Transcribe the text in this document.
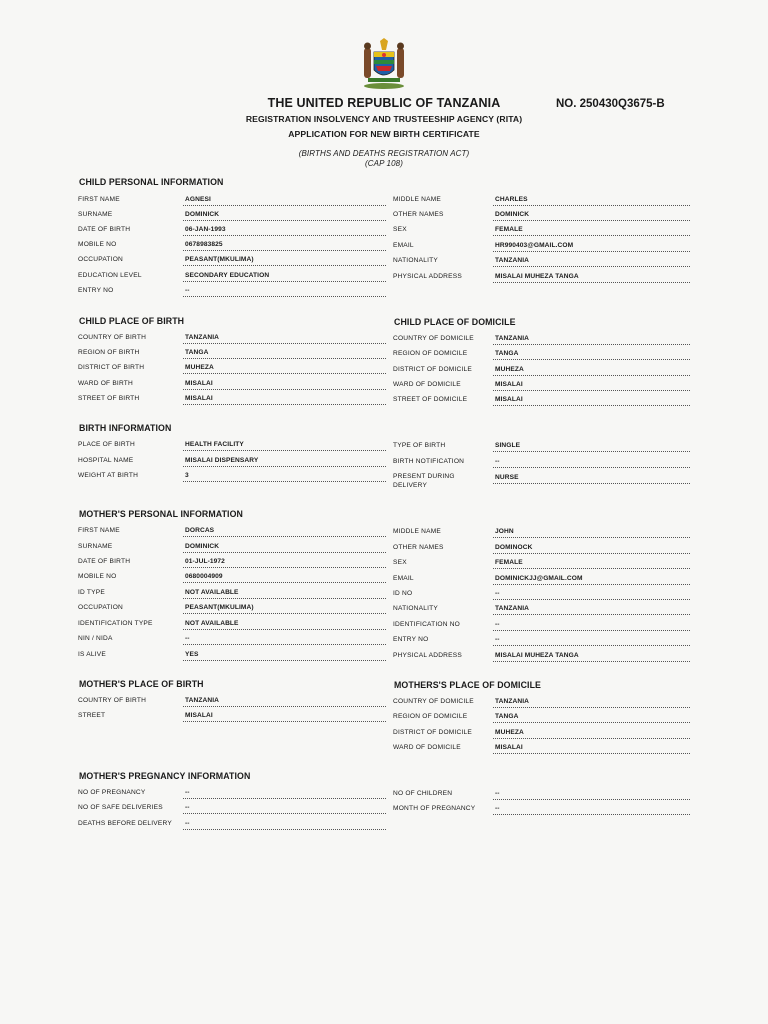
THE UNITED REPUBLIC OF TANZANIA	NO. 250430Q3675-B
REGISTRATION INSOLVENCY AND TRUSTEESHIP AGENCY (RITA)
APPLICATION FOR NEW BIRTH CERTIFICATE
(BIRTHS AND DEATHS REGISTRATION ACT)
(CAP 108)
CHILD PERSONAL INFORMATION
FIRST NAME	AGNESI
SURNAME	DOMINICK
DATE OF BIRTH	06-JAN-1993
MOBILE NO	0678983825
OCCUPATION	PEASANT(MKULIMA)
EDUCATION LEVEL	SECONDARY EDUCATION
ENTRY NO	--
MIDDLE NAME	CHARLES
OTHER NAMES	DOMINICK
SEX	FEMALE
EMAIL	HR990403@GMAIL.COM
NATIONALITY	TANZANIA
PHYSICAL ADDRESS	MISALAI MUHEZA TANGA
CHILD PLACE OF BIRTH	CHILD PLACE OF DOMICILE
COUNTRY OF BIRTH	TANZANIA
REGION OF BIRTH	TANGA
DISTRICT OF BIRTH	MUHEZA
WARD OF BIRTH	MISALAI
STREET OF BIRTH	MISALAI
COUNTRY OF DOMICILE	TANZANIA
REGION OF DOMICILE	TANGA
DISTRICT OF DOMICILE	MUHEZA
WARD OF DOMICILE	MISALAI
STREET OF DOMICILE	MISALAI
BIRTH INFORMATION
PLACE OF BIRTH	HEALTH FACILITY
HOSPITAL NAME	MISALAI DISPENSARY
WEIGHT AT BIRTH	3
TYPE OF BIRTH	SINGLE
BIRTH NOTIFICATION	--
PRESENT DURING
DELIVERY
NURSE
MOTHER'S PERSONAL INFORMATION
FIRST NAME	DORCAS
SURNAME	DOMINICK
DATE OF BIRTH	01-JUL-1972
MOBILE NO	0680004909
ID TYPE	NOT AVAILABLE
OCCUPATION	PEASANT(MKULIMA)
IDENTIFICATION TYPE	NOT AVAILABLE
NIN / NIDA	--
IS ALIVE	YES
MIDDLE NAME	JOHN
OTHER NAMES	DOMINOCK
SEX	FEMALE
EMAIL	DOMINICKJJ@GMAIL.COM
ID NO	--
NATIONALITY	TANZANIA
IDENTIFICATION NO	--
ENTRY NO	--
PHYSICAL ADDRESS	MISALAI MUHEZA TANGA
MOTHER'S PLACE OF BIRTH	MOTHERS'S PLACE OF DOMICILE
COUNTRY OF BIRTH	TANZANIA
STREET	MISALAI
COUNTRY OF DOMICILE	TANZANIA
REGION OF DOMICILE	TANGA
DISTRICT OF DOMICILE	MUHEZA
WARD OF DOMICILE	MISALAI
MOTHER'S PREGNANCY INFORMATION
NO OF PREGNANCY	--
NO OF SAFE DELIVERIES	--
DEATHS BEFORE DELIVERY --
NO OF CHILDREN	--
MONTH OF PREGNANCY	--
